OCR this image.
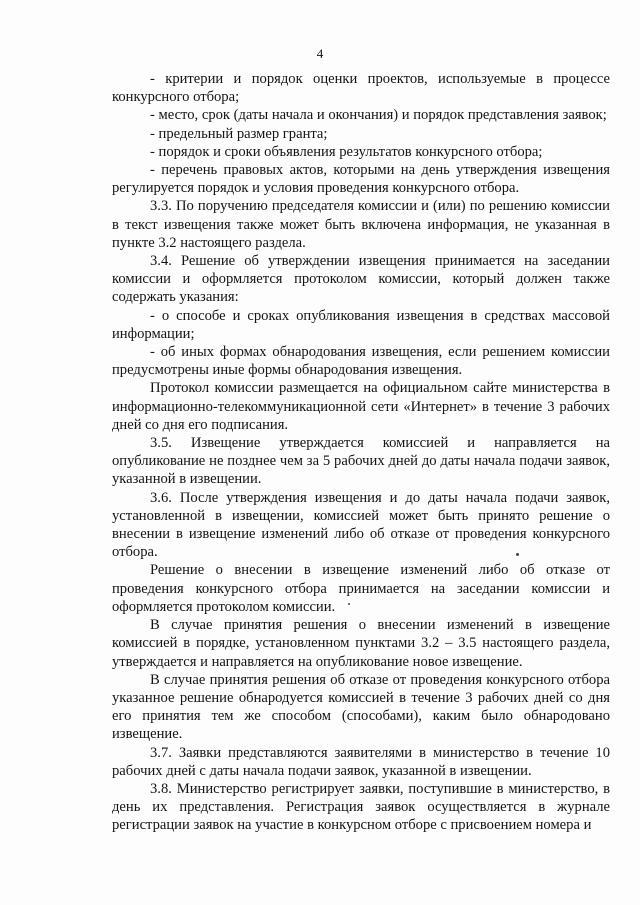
4

- критерии и порядок оценки проектов, используемые в процессе конкурсного отбора;

- место, срок (даты начала и окончания) и порядок представления заявок;

- предельный размер гранта;

- порядок и сроки объявления результатов конкурсного отбора;

- перечень правовых актов, которыми на день утверждения извещения регулируется порядок и условия проведения конкурсного отбора.

3.3. По поручению председателя комиссии и (или) по решению комиссии в текст извещения также может быть включена информация, не указанная в пункте 3.2 настоящего раздела.

3.4. Решение об утверждении извещения принимается на заседании комиссии и оформляется протоколом комиссии, который должен также содержать указания:

- о способе и сроках опубликования извещения в средствах массовой информации;

- об иных формах обнародования извещения, если решением комиссии предусмотрены иные формы обнародования извещения.

Протокол комиссии размещается на официальном сайте министерства в информационно-телекоммуникационной сети «Интернет» в течение 3 рабочих дней со дня его подписания.

3.5. Извещение утверждается комиссией и направляется на опубликование не позднее чем за 5 рабочих дней до даты начала подачи заявок, указанной в извещении.

3.6. После утверждения извещения и до даты начала подачи заявок, установленной в извещении, комиссией может быть принято решение о внесении в извещение изменений либо об отказе от проведения конкурсного отбора.

Решение о внесении в извещение изменений либо об отказе от проведения конкурсного отбора принимается на заседании комиссии и оформляется протоколом комиссии.

В случае принятия решения о внесении изменений в извещение комиссией в порядке, установленном пунктами 3.2 – 3.5 настоящего раздела, утверждается и направляется на опубликование новое извещение.

В случае принятия решения об отказе от проведения конкурсного отбора указанное решение обнародуется комиссией в течение 3 рабочих дней со дня его принятия тем же способом (способами), каким было обнародовано извещение.

3.7. Заявки представляются заявителями в министерство в течение 10 рабочих дней с даты начала подачи заявок, указанной в извещении.

3.8. Министерство регистрирует заявки, поступившие в министерство, в день их представления. Регистрация заявок осуществляется в журнале регистрации заявок на участие в конкурсном отборе с присвоением номера и
